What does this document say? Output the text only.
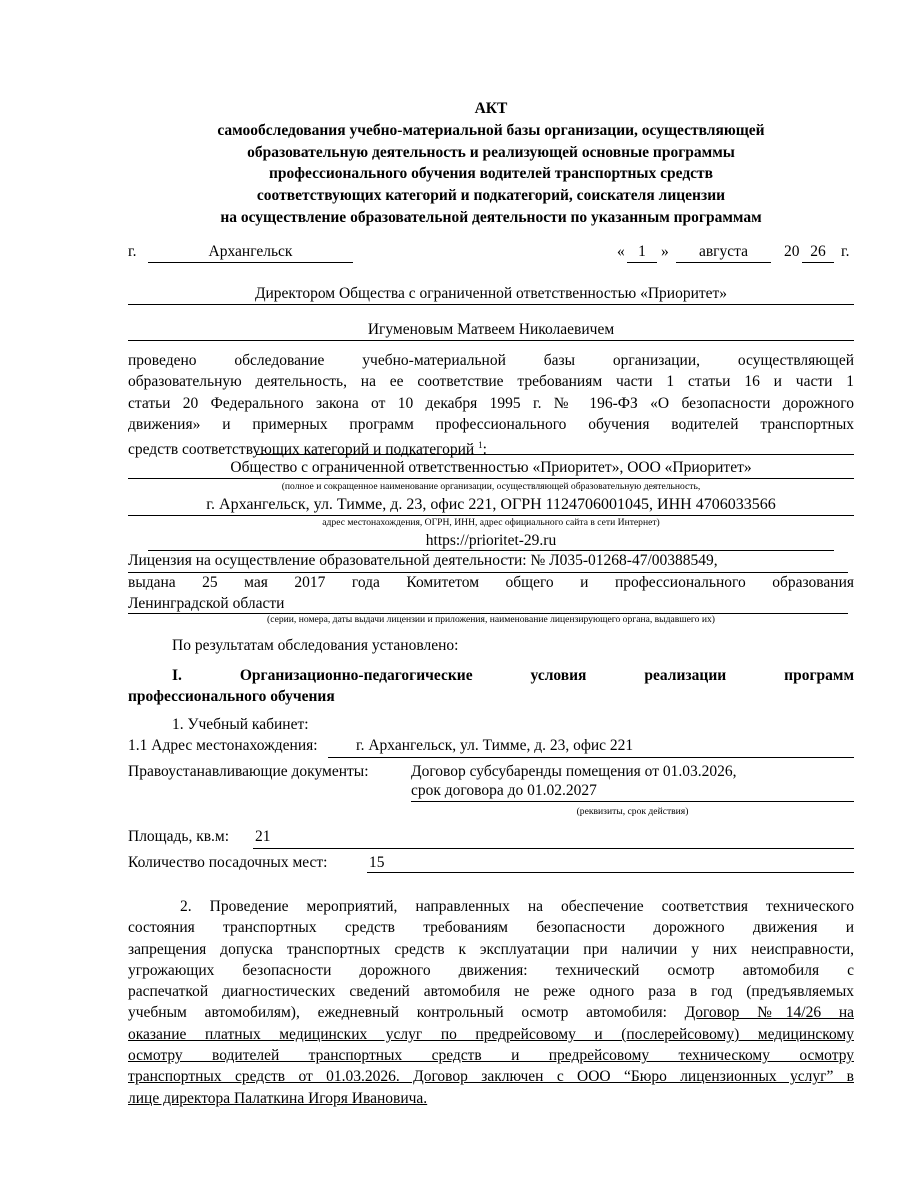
АКТ
самообследования учебно-материальной базы организации, осуществляющей
образовательную деятельность и реализующей основные программы
профессионального обучения водителей транспортных средств
соответствующих категорий и подкатегорий, соискателя лицензии
на осуществление образовательной деятельности по указанным программам
г.	Архангельск	« 1 »	августа	20 26 г.
Директором Общества с ограниченной ответственностью «Приоритет»
Игуменовым Матвеем Николаевичем
проведено обследование учебно-материальной базы организации, осуществляющей
образовательную деятельность, на ее соответствие требованиям части 1 статьи 16 и части 1
статьи 20 Федерального закона от 10 декабря 1995 г. № 196-ФЗ «О безопасности дорожного
движения» и примерных программ профессионального обучения водителей транспортных
средств соответствующих категорий и подкатегорий $^1$:
Общество с ограниченной ответственностью «Приоритет», ООО «Приоритет»
(полное и сокращенное наименование организации, осуществляющей образовательную деятельность,
г. Архангельск, ул. Тимме, д. 23, офис 221, ОГРН 1124706001045, ИНН 4706033566
адрес местонахождения, ОГРН, ИНН, адрес официального сайта в сети Интернет)
https://prioritet-29.ru
Лицензия на осуществление образовательной деятельности: № Л035-01268-47/00388549,
выдана 25 мая 2017 года Комитетом общего и профессионального образования
Ленинградской области
(серии, номера, даты выдачи лицензии и приложения, наименование лицензирующего органа, выдавшего их)
По результатам обследования установлено:
I. Организационно-педагогические условия реализации программ
профессионального обучения
1. Учебный кабинет:
1.1 Адрес местонахождения: г. Архангельск, ул. Тимме, д. 23, офис 221
Правоустанавливающие документы:	Договор субсубаренды помещения от 01.03.2026,
срок договора до 01.02.2027
(реквизиты, срок действия)
Площадь, кв.м: 21
Количество посадочных мест:	15
2. Проведение мероприятий, направленных на обеспечение соответствия технического
состояния транспортных средств требованиям безопасности дорожного движения и
запрещения допуска транспортных средств к эксплуатации при наличии у них неисправности,
угрожающих безопасности дорожного движения: технический осмотр автомобиля с
распечаткой диагностических сведений автомобиля не реже одного раза в год (предъявляемых
учебным автомобилям), ежедневный контрольный осмотр автомобиля: Договор №14/26 на
оказание платных медицинских услуг по предрейсовому и (послерейсовому) медицинскому
осмотру водителей транспортных средств и предрейсовому техническому осмотру
транспортных средств от 01.03.2026. Договор заключен с ООО “Бюро лицензионных услуг” в
лице директора Палаткина Игоря Ивановича.
